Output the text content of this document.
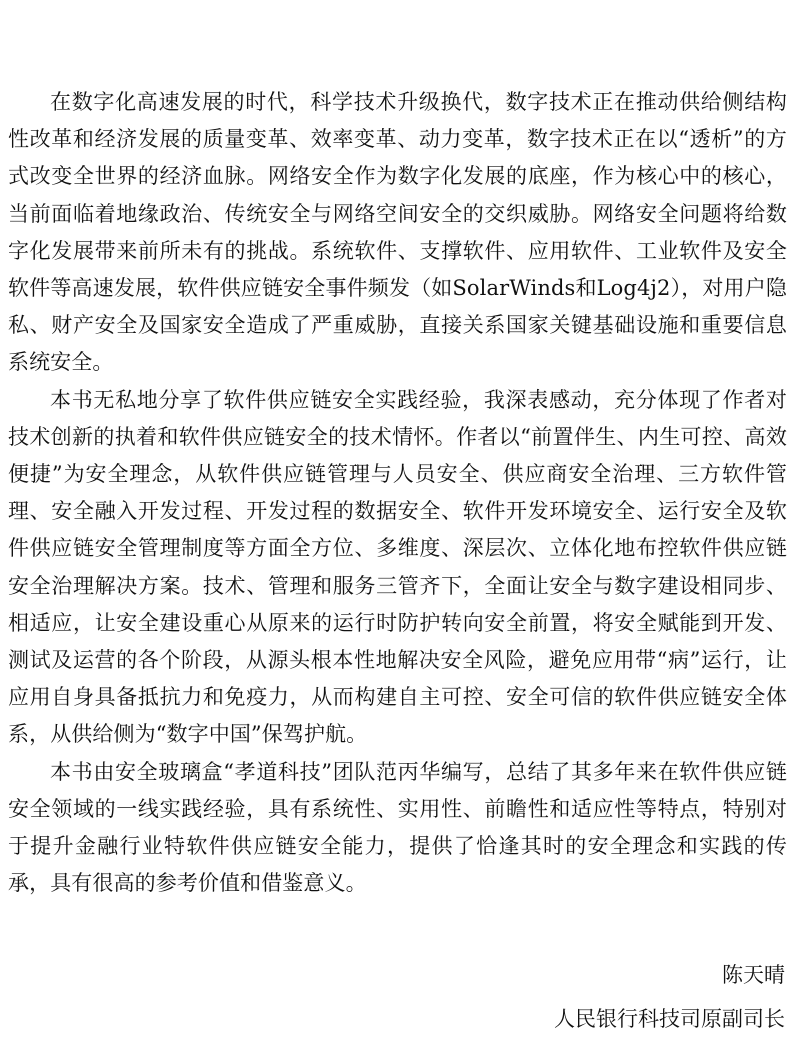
在数字化高速发展的时代，科学技术升级换代，数字技术正在推动供给侧结构性改革和经济发展的质量变革、效率变革、动力变革，数字技术正在以“透析”的方式改变全世界的经济血脉。网络安全作为数字化发展的底座，作为核心中的核心，当前面临着地缘政治、传统安全与网络空间安全的交织威胁。网络安全问题将给数字化发展带来前所未有的挑战。系统软件、支撑软件、应用软件、工业软件及安全软件等高速发展，软件供应链安全事件频发（如SolarWinds和Log4j2），对用户隐私、财产安全及国家安全造成了严重威胁，直接关系国家关键基础设施和重要信息系统安全。

本书无私地分享了软件供应链安全实践经验，我深表感动，充分体现了作者对技术创新的执着和软件供应链安全的技术情怀。作者以“前置伴生、内生可控、高效便捷”为安全理念，从软件供应链管理与人员安全、供应商安全治理、三方软件管理、安全融入开发过程、开发过程的数据安全、软件开发环境安全、运行安全及软件供应链安全管理制度等方面全方位、多维度、深层次、立体化地布控软件供应链安全治理解决方案。技术、管理和服务三管齐下，全面让安全与数字建设相同步、相适应，让安全建设重心从原来的运行时防护转向安全前置，将安全赋能到开发、测试及运营的各个阶段，从源头根本性地解决安全风险，避免应用带“病”运行，让应用自身具备抵抗力和免疫力，从而构建自主可控、安全可信的软件供应链安全体系，从供给侧为“数字中国”保驾护航。

本书由安全玻璃盒“孝道科技”团队范丙华编写，总结了其多年来在软件供应链安全领域的一线实践经验，具有系统性、实用性、前瞻性和适应性等特点，特别对于提升金融行业特软件供应链安全能力，提供了恰逢其时的安全理念和实践的传承，具有很高的参考价值和借鉴意义。

陈天晴
人民银行科技司原副司长
